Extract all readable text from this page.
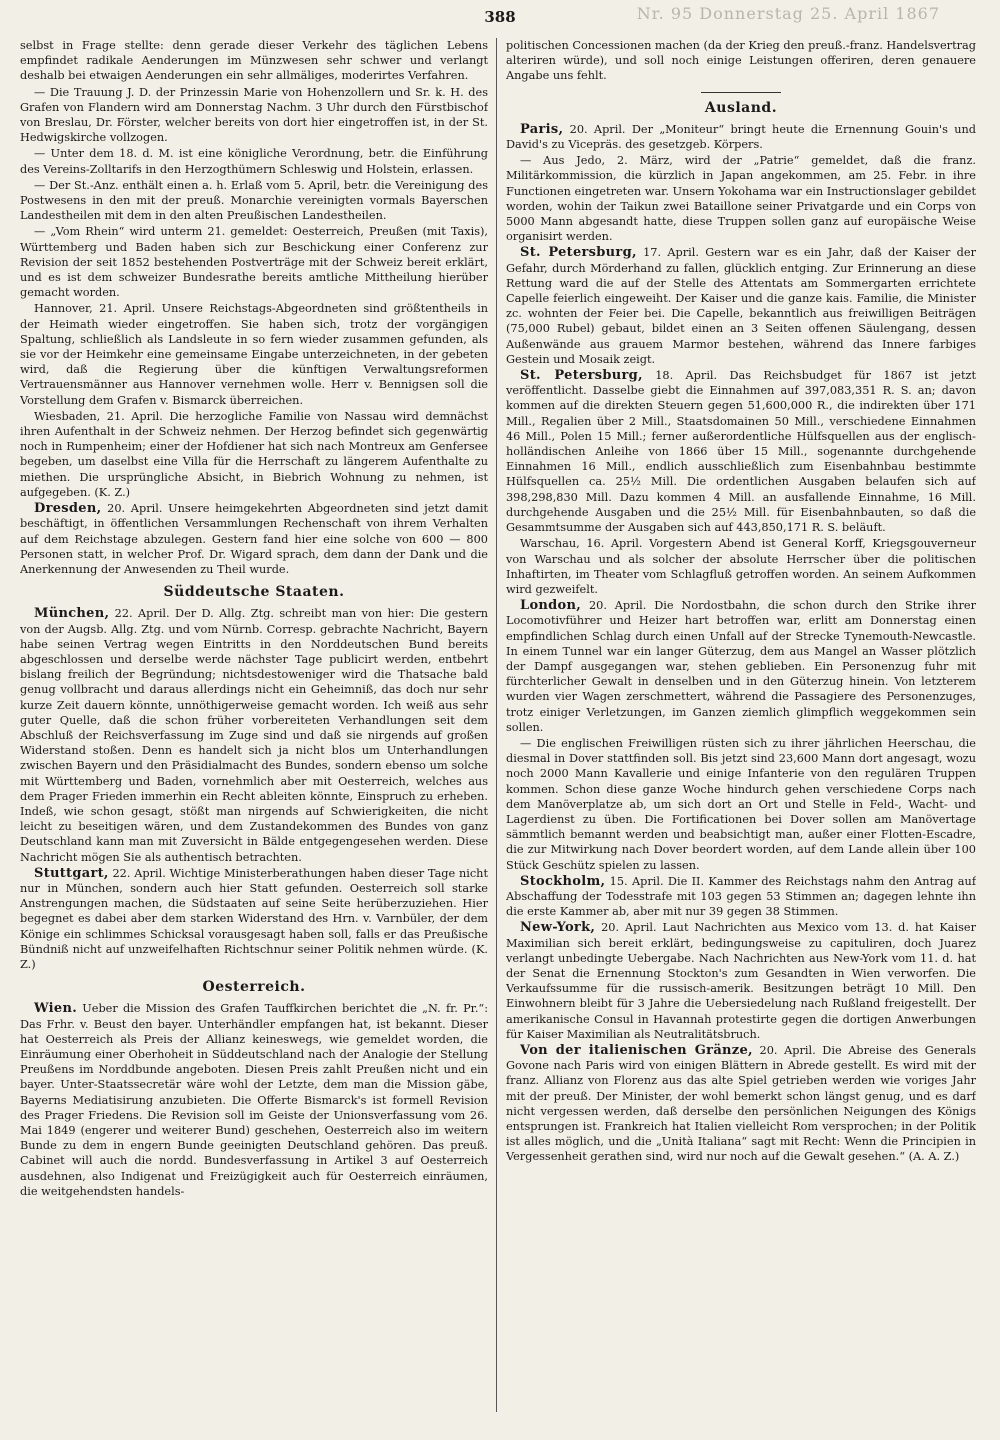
Nr. 95 Donnerstag 25. April 1867
388

selbst in Frage stellte: denn gerade dieser Verkehr des täglichen Lebens empfindet radikale Aenderungen im Münzwesen sehr schwer und verlangt deshalb bei etwaigen Aenderungen ein sehr allmäliges, moderirtes Verfahren.

— Die Trauung J. D. der Prinzessin Marie von Hohenzollern und Sr. k. H. des Grafen von Flandern wird am Donnerstag Nachm. 3 Uhr durch den Fürstbischof von Breslau, Dr. Förster, welcher bereits von dort hier eingetroffen ist, in der St. Hedwigskirche vollzogen.

— Unter dem 18. d. M. ist eine königliche Verordnung, betr. die Einführung des Vereins-Zolltarifs in den Herzogthümern Schleswig und Holstein, erlassen.

— Der St.-Anz. enthält einen a. h. Erlaß vom 5. April, betr. die Vereinigung des Postwesens in den mit der preuß. Monarchie vereinigten vormals Bayerschen Landestheilen mit dem in den alten Preußischen Landestheilen.

— „Vom Rhein“ wird unterm 21. gemeldet: Oesterreich, Preußen (mit Taxis), Württemberg und Baden haben sich zur Beschickung einer Conferenz zur Revision der seit 1852 bestehenden Postverträge mit der Schweiz bereit erklärt, und es ist dem schweizer Bundesrathe bereits amtliche Mittheilung hierüber gemacht worden.

Hannover, 21. April. Unsere Reichstags-Abgeordneten sind größtentheils in der Heimath wieder eingetroffen. Sie haben sich, trotz der vorgängigen Spaltung, schließlich als Landsleute in so fern wieder zusammen gefunden, als sie vor der Heimkehr eine gemeinsame Eingabe unterzeichneten, in der gebeten wird, daß die Regierung über die künftigen Verwaltungsreformen Vertrauensmänner aus Hannover vernehmen wolle. Herr v. Bennigsen soll die Vorstellung dem Grafen v. Bismarck überreichen.

Wiesbaden, 21. April. Die herzogliche Familie von Nassau wird demnächst ihren Aufenthalt in der Schweiz nehmen. Der Herzog befindet sich gegenwärtig noch in Rumpenheim; einer der Hofdiener hat sich nach Montreux am Genfersee begeben, um daselbst eine Villa für die Herrschaft zu längerem Aufenthalte zu miethen. Die ursprüngliche Absicht, in Biebrich Wohnung zu nehmen, ist aufgegeben. (K. Z.)

Dresden, 20. April. Unsere heimgekehrten Abgeordneten sind jetzt damit beschäftigt, in öffentlichen Versammlungen Rechenschaft von ihrem Verhalten auf dem Reichstage abzulegen. Gestern fand hier eine solche von 600 — 800 Personen statt, in welcher Prof. Dr. Wigard sprach, dem dann der Dank und die Anerkennung der Anwesenden zu Theil wurde.

Süddeutsche Staaten.

München, 22. April. Der D. Allg. Ztg. schreibt man von hier: Die gestern von der Augsb. Allg. Ztg. und vom Nürnb. Corresp. gebrachte Nachricht, Bayern habe seinen Vertrag wegen Eintritts in den Norddeutschen Bund bereits abgeschlossen und derselbe werde nächster Tage publicirt werden, entbehrt bislang freilich der Begründung; nichtsdestoweniger wird die Thatsache bald genug vollbracht und daraus allerdings nicht ein Geheimniß, das doch nur sehr kurze Zeit dauern könnte, unnöthigerweise gemacht worden. Ich weiß aus sehr guter Quelle, daß die schon früher vorbereiteten Verhandlungen seit dem Abschluß der Reichsverfassung im Zuge sind und daß sie nirgends auf großen Widerstand stoßen. Denn es handelt sich ja nicht blos um Unterhandlungen zwischen Bayern und den Präsidialmacht des Bundes, sondern ebenso um solche mit Württemberg und Baden, vornehmlich aber mit Oesterreich, welches aus dem Prager Frieden immerhin ein Recht ableiten könnte, Einspruch zu erheben. Indeß, wie schon gesagt, stößt man nirgends auf Schwierigkeiten, die nicht leicht zu beseitigen wären, und dem Zustandekommen des Bundes von ganz Deutschland kann man mit Zuversicht in Bälde entgegengesehen werden. Diese Nachricht mögen Sie als authentisch betrachten.

Stuttgart, 22. April. Wichtige Ministerberathungen haben dieser Tage nicht nur in München, sondern auch hier Statt gefunden. Oesterreich soll starke Anstrengungen machen, die Südstaaten auf seine Seite herüberzuziehen. Hier begegnet es dabei aber dem starken Widerstand des Hrn. v. Varnbüler, der dem Könige ein schlimmes Schicksal vorausgesagt haben soll, falls er das Preußische Bündniß nicht auf unzweifelhaften Richtschnur seiner Politik nehmen würde. (K. Z.)

Oesterreich.

Wien. Ueber die Mission des Grafen Tauffkirchen berichtet die „N. fr. Pr.“: Das Frhr. v. Beust den bayer. Unterhändler empfangen hat, ist bekannt. Dieser hat Oesterreich als Preis der Allianz keineswegs, wie gemeldet worden, die Einräumung einer Oberhoheit in Süddeutschland nach der Analogie der Stellung Preußens im Norddbunde angeboten. Diesen Preis zahlt Preußen nicht und ein bayer. Unter-Staatssecretär wäre wohl der Letzte, dem man die Mission gäbe, Bayerns Mediatisirung anzubieten. Die Offerte Bismarck's ist formell Revision des Prager Friedens. Die Revision soll im Geiste der Unionsverfassung vom 26. Mai 1849 (engerer und weiterer Bund) geschehen, Oesterreich also im weitern Bunde zu dem in engern Bunde geeinigten Deutschland gehören. Das preuß. Cabinet will auch die nordd. Bundesverfassung in Artikel 3 auf Oesterreich ausdehnen, also Indigenat und Freizügigkeit auch für Oesterreich einräumen, die weitgehendsten handels-

politischen Concessionen machen (da der Krieg den preuß.-franz. Handelsvertrag alteriren würde), und soll noch einige Leistungen offeriren, deren genauere Angabe uns fehlt.

Ausland.

Paris, 20. April. Der „Moniteur“ bringt heute die Ernennung Gouin's und David's zu Vicepräs. des gesetzgeb. Körpers.

— Aus Jedo, 2. März, wird der „Patrie“ gemeldet, daß die franz. Militärkommission, die kürzlich in Japan angekommen, am 25. Febr. in ihre Functionen eingetreten war. Unsern Yokohama war ein Instructionslager gebildet worden, wohin der Taikun zwei Bataillone seiner Privatgarde und ein Corps von 5000 Mann abgesandt hatte, diese Truppen sollen ganz auf europäische Weise organisirt werden.

St. Petersburg, 17. April. Gestern war es ein Jahr, daß der Kaiser der Gefahr, durch Mörderhand zu fallen, glücklich entging. Zur Erinnerung an diese Rettung ward die auf der Stelle des Attentats am Sommergarten errichtete Capelle feierlich eingeweiht. Der Kaiser und die ganze kais. Familie, die Minister zc. wohnten der Feier bei. Die Capelle, bekanntlich aus freiwilligen Beiträgen (75,000 Rubel) gebaut, bildet einen an 3 Seiten offenen Säulengang, dessen Außenwände aus grauem Marmor bestehen, während das Innere farbiges Gestein und Mosaik zeigt.

St. Petersburg, 18. April. Das Reichsbudget für 1867 ist jetzt veröffentlicht. Dasselbe giebt die Einnahmen auf 397,083,351 R. S. an; davon kommen auf die direkten Steuern gegen 51,600,000 R., die indirekten über 171 Mill., Regalien über 2 Mill., Staatsdomainen 50 Mill., verschiedene Einnahmen 46 Mill., Polen 15 Mill.; ferner außerordentliche Hülfsquellen aus der englisch-holländischen Anleihe von 1866 über 15 Mill., sogenannte durchgehende Einnahmen 16 Mill., endlich ausschließlich zum Eisenbahnbau bestimmte Hülfsquellen ca. 25½ Mill. Die ordentlichen Ausgaben belaufen sich auf 398,298,830 Mill. Dazu kommen 4 Mill. an ausfallende Einnahme, 16 Mill. durchgehende Ausgaben und die 25½ Mill. für Eisenbahnbauten, so daß die Gesammtsumme der Ausgaben sich auf 443,850,171 R. S. beläuft.

Warschau, 16. April. Vorgestern Abend ist General Korff, Kriegsgouverneur von Warschau und als solcher der absolute Herrscher über die politischen Inhaftirten, im Theater vom Schlagfluß getroffen worden. An seinem Aufkommen wird gezweifelt.

London, 20. April. Die Nordostbahn, die schon durch den Strike ihrer Locomotivführer und Heizer hart betroffen war, erlitt am Donnerstag einen empfindlichen Schlag durch einen Unfall auf der Strecke Tynemouth-Newcastle. In einem Tunnel war ein langer Güterzug, dem aus Mangel an Wasser plötzlich der Dampf ausgegangen war, stehen geblieben. Ein Personenzug fuhr mit fürchterlicher Gewalt in denselben und in den Güterzug hinein. Von letzterem wurden vier Wagen zerschmettert, während die Passagiere des Personenzuges, trotz einiger Verletzungen, im Ganzen ziemlich glimpflich weggekommen sein sollen.

— Die englischen Freiwilligen rüsten sich zu ihrer jährlichen Heerschau, die diesmal in Dover stattfinden soll. Bis jetzt sind 23,600 Mann dort angesagt, wozu noch 2000 Mann Kavallerie und einige Infanterie von den regulären Truppen kommen. Schon diese ganze Woche hindurch gehen verschiedene Corps nach dem Manöverplatze ab, um sich dort an Ort und Stelle in Feld-, Wacht- und Lagerdienst zu üben. Die Fortificationen bei Dover sollen am Manövertage sämmtlich bemannt werden und beabsichtigt man, außer einer Flotten-Escadre, die zur Mitwirkung nach Dover beordert worden, auf dem Lande allein über 100 Stück Geschütz spielen zu lassen.

Stockholm, 15. April. Die II. Kammer des Reichstags nahm den Antrag auf Abschaffung der Todesstrafe mit 103 gegen 53 Stimmen an; dagegen lehnte ihn die erste Kammer ab, aber mit nur 39 gegen 38 Stimmen.

New-York, 20. April. Laut Nachrichten aus Mexico vom 13. d. hat Kaiser Maximilian sich bereit erklärt, bedingungsweise zu capituliren, doch Juarez verlangt unbedingte Uebergabe. Nach Nachrichten aus New-York vom 11. d. hat der Senat die Ernennung Stockton's zum Gesandten in Wien verworfen. Die Verkaufssumme für die russisch-amerik. Besitzungen beträgt 10 Mill. Den Einwohnern bleibt für 3 Jahre die Uebersiedelung nach Rußland freigestellt. Der amerikanische Consul in Havannah protestirte gegen die dortigen Anwerbungen für Kaiser Maximilian als Neutralitätsbruch.

Von der italienischen Gränze, 20. April. Die Abreise des Generals Govone nach Paris wird von einigen Blättern in Abrede gestellt. Es wird mit der franz. Allianz von Florenz aus das alte Spiel getrieben werden wie voriges Jahr mit der preuß. Der Minister, der wohl bemerkt schon längst genug, und es darf nicht vergessen werden, daß derselbe den persönlichen Neigungen des Königs entsprungen ist. Frankreich hat Italien vielleicht Rom versprochen; in der Politik ist alles möglich, und die „Unità Italiana“ sagt mit Recht: Wenn die Principien in Vergessenheit gerathen sind, wird nur noch auf die Gewalt gesehen.“ (A. A. Z.)
